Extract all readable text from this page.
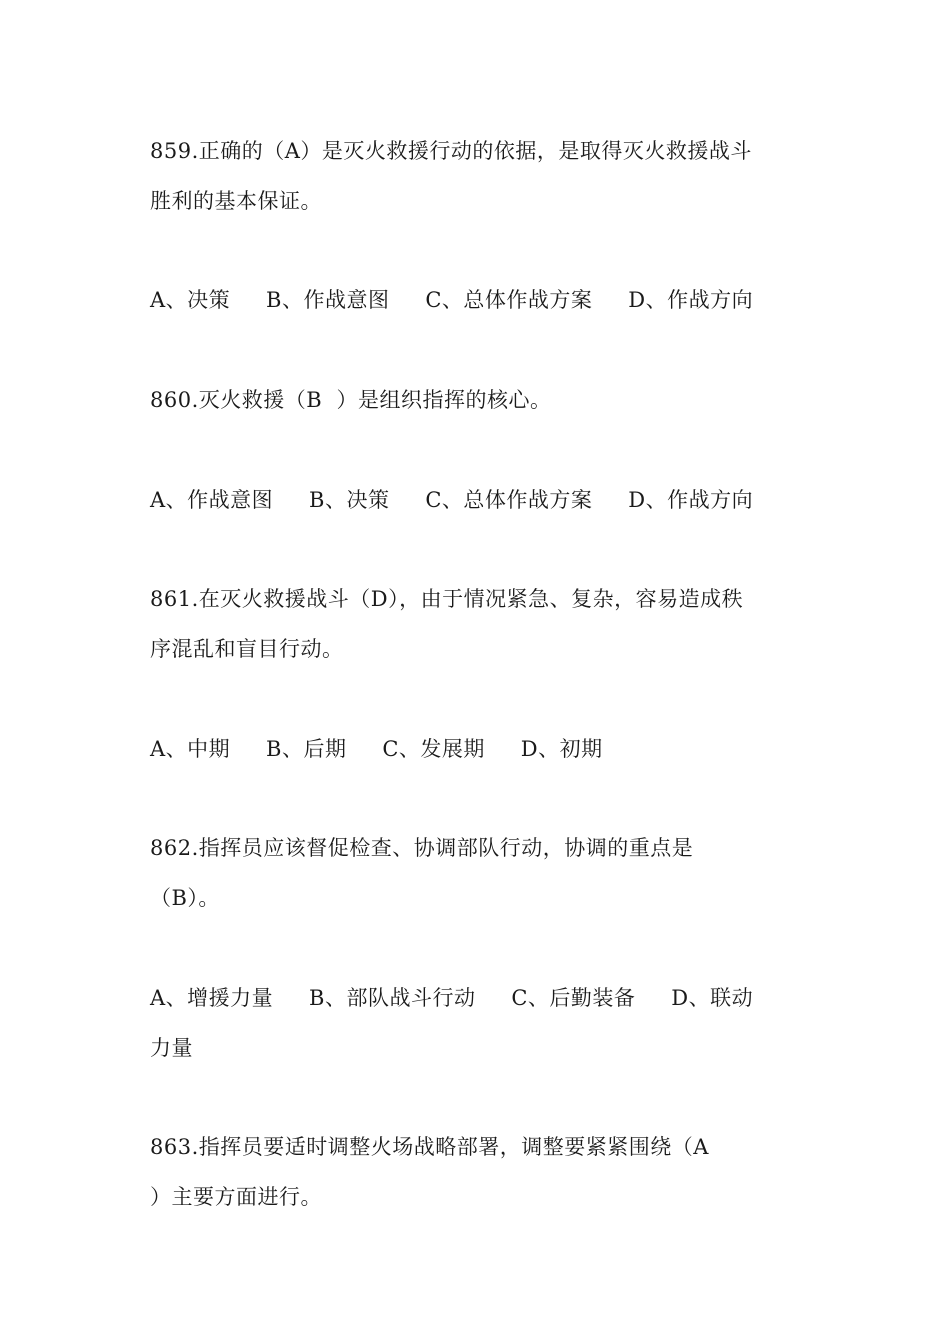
859.正确的（A）是灭火救援行动的依据，是取得灭火救援战斗
胜利的基本保证。
A、决策     B、作战意图     C、总体作战方案     D、作战方向
860.灭火救援（B  ）是组织指挥的核心。
A、作战意图     B、决策     C、总体作战方案     D、作战方向
861.在灭火救援战斗（D），由于情况紧急、复杂，容易造成秩
序混乱和盲目行动。
A、中期     B、后期     C、发展期     D、初期
862.指挥员应该督促检查、协调部队行动，协调的重点是
（B）。
A、增援力量     B、部队战斗行动     C、后勤装备     D、联动
力量
863.指挥员要适时调整火场战略部署，调整要紧紧围绕（A
）主要方面进行。
